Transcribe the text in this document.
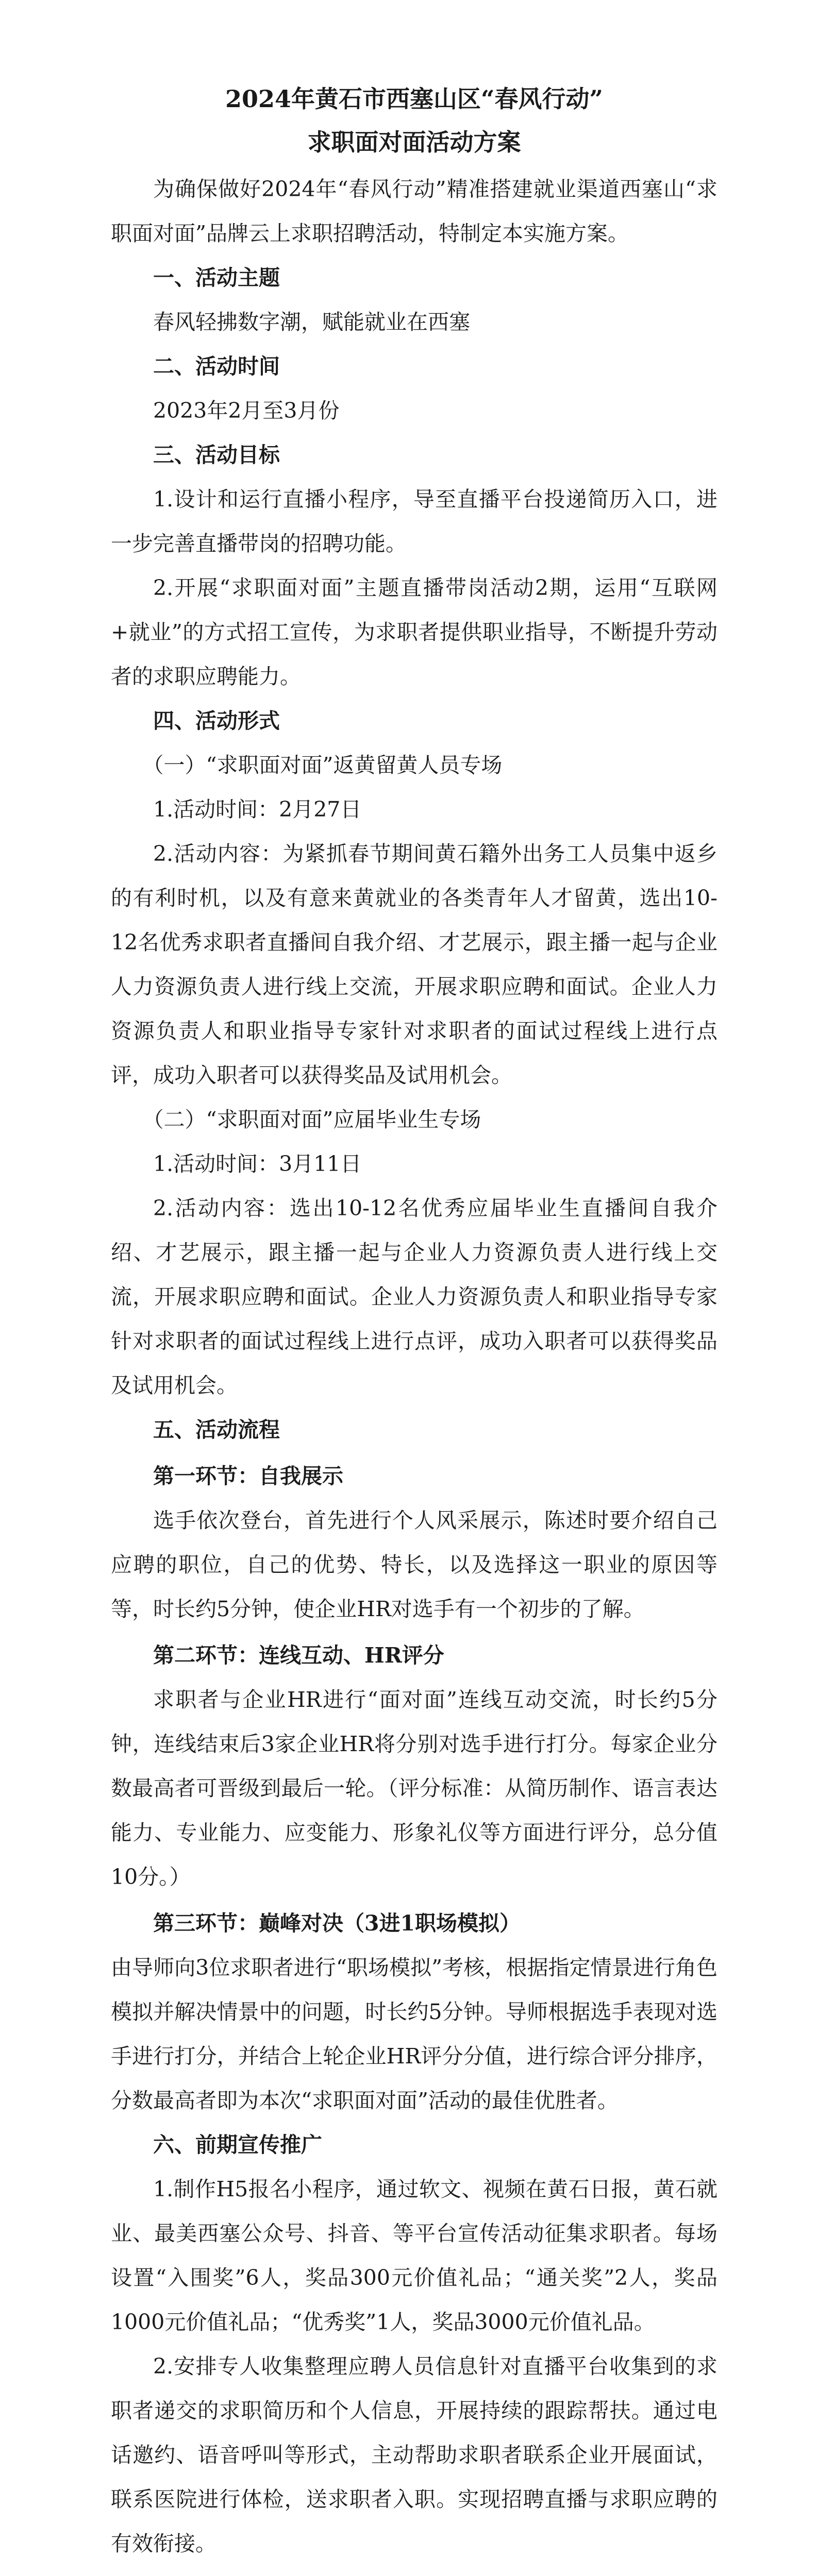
2024年黄石市西塞山区“春风行动”

求职面对面活动方案

为确保做好2024年“春风行动”精准搭建就业渠道西塞山“求职面对面”品牌云上求职招聘活动，特制定本实施方案。

一、活动主题

春风轻拂数字潮，赋能就业在西塞

二、活动时间

2023年2月至3月份

三、活动目标

1.设计和运行直播小程序，导至直播平台投递简历入口，进一步完善直播带岗的招聘功能。

2.开展“求职面对面”主题直播带岗活动2期，运用“互联网+就业”的方式招工宣传，为求职者提供职业指导，不断提升劳动者的求职应聘能力。

四、活动形式

（一）“求职面对面”返黄留黄人员专场

1.活动时间：2月27日

2.活动内容：为紧抓春节期间黄石籍外出务工人员集中返乡的有利时机，以及有意来黄就业的各类青年人才留黄，选出10-12名优秀求职者直播间自我介绍、才艺展示，跟主播一起与企业人力资源负责人进行线上交流，开展求职应聘和面试。企业人力资源负责人和职业指导专家针对求职者的面试过程线上进行点评，成功入职者可以获得奖品及试用机会。

（二）“求职面对面”应届毕业生专场

1.活动时间：3月11日

2.活动内容：选出10-12名优秀应届毕业生直播间自我介绍、才艺展示，跟主播一起与企业人力资源负责人进行线上交流，开展求职应聘和面试。企业人力资源负责人和职业指导专家针对求职者的面试过程线上进行点评，成功入职者可以获得奖品及试用机会。

五、活动流程

第一环节：自我展示

选手依次登台，首先进行个人风采展示，陈述时要介绍自己应聘的职位，自己的优势、特长，以及选择这一职业的原因等等，时长约5分钟，使企业HR对选手有一个初步的了解。

第二环节：连线互动、HR评分

求职者与企业HR进行“面对面”连线互动交流，时长约5分钟，连线结束后3家企业HR将分别对选手进行打分。每家企业分数最高者可晋级到最后一轮。（评分标准：从简历制作、语言表达能力、专业能力、应变能力、形象礼仪等方面进行评分，总分值10分。）

第三环节：巅峰对决（3进1职场模拟）

由导师向3位求职者进行“职场模拟”考核，根据指定情景进行角色模拟并解决情景中的问题，时长约5分钟。导师根据选手表现对选手进行打分，并结合上轮企业HR评分分值，进行综合评分排序，分数最高者即为本次“求职面对面”活动的最佳优胜者。

六、前期宣传推广

1.制作H5报名小程序，通过软文、视频在黄石日报，黄石就业、最美西塞公众号、抖音、等平台宣传活动征集求职者。每场设置“入围奖”6人，奖品300元价值礼品；“通关奖”2人，奖品1000元价值礼品；“优秀奖”1人，奖品3000元价值礼品。

2.安排专人收集整理应聘人员信息针对直播平台收集到的求职者递交的求职简历和个人信息，开展持续的跟踪帮扶。通过电话邀约、语音呼叫等形式，主动帮助求职者联系企业开展面试，联系医院进行体检，送求职者入职。实现招聘直播与求职应聘的有效衔接。
